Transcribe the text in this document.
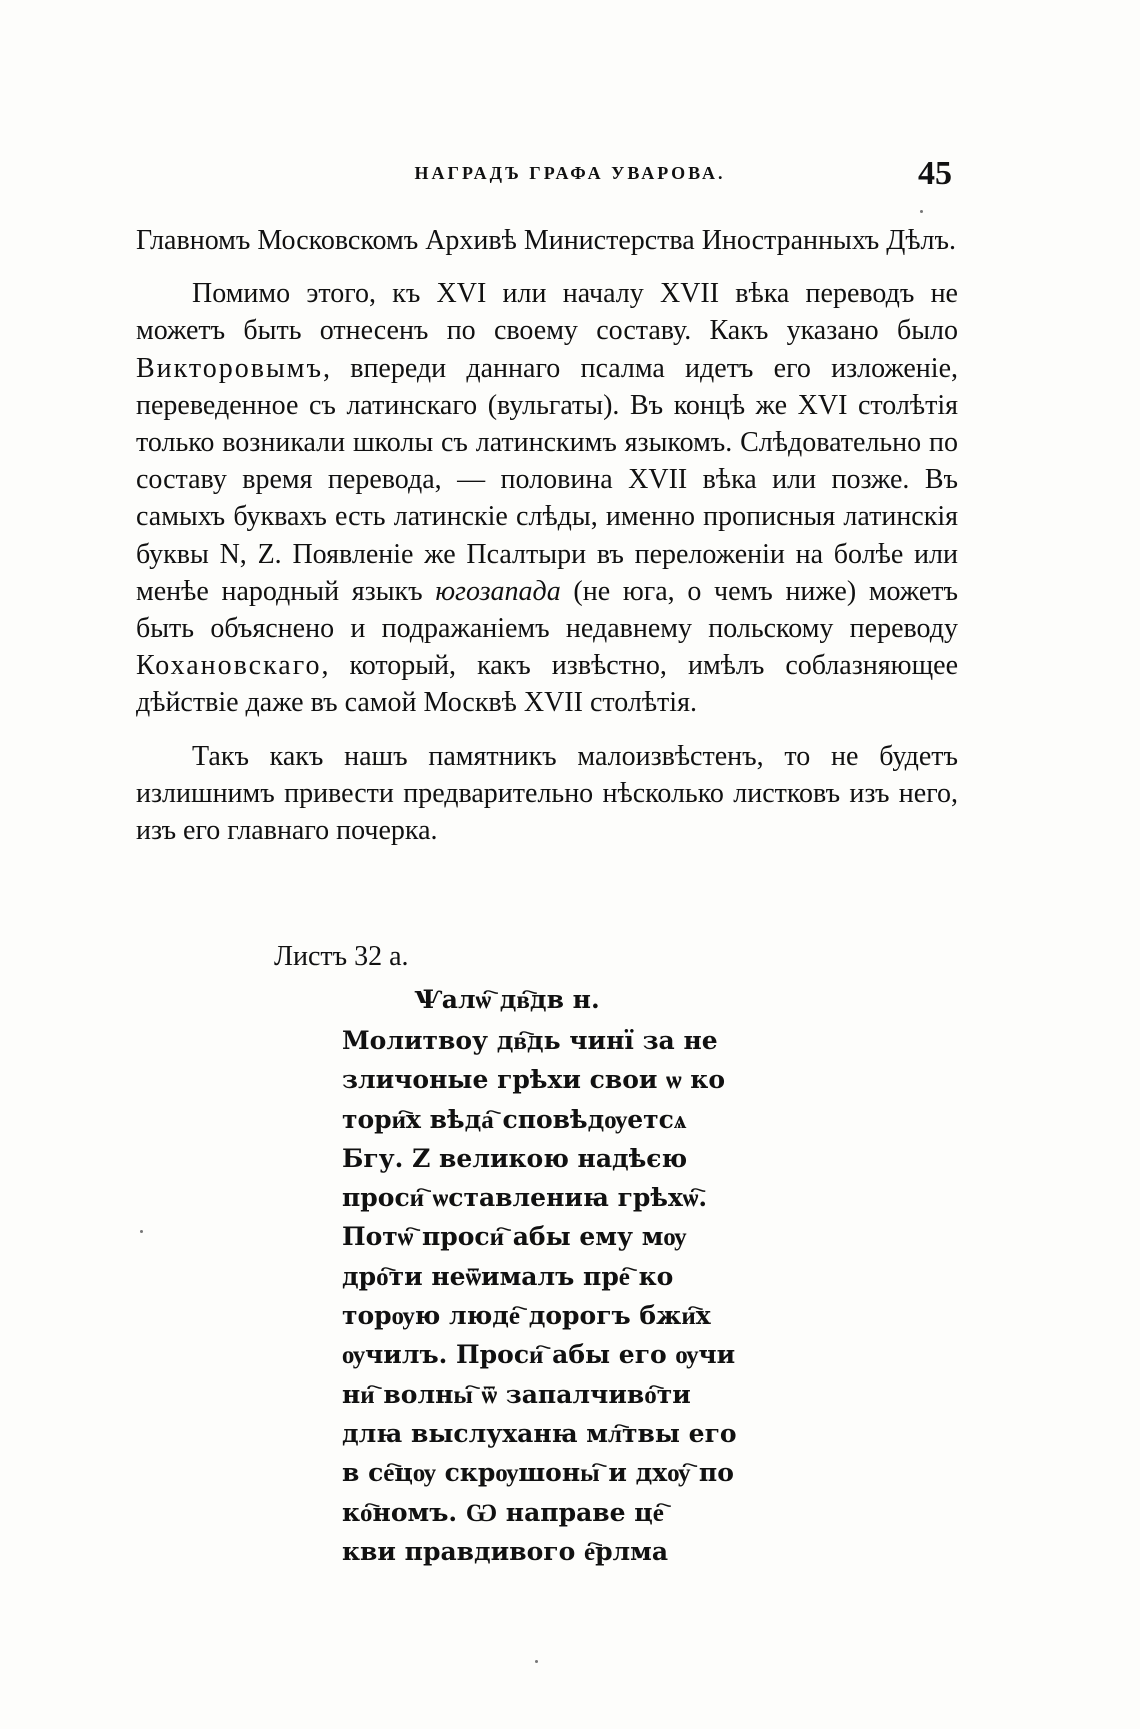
НАГРАДЪ ГРАФА УВАРОВА.	45

Главномъ Московскомъ Архивѣ Министерства Иностранныхъ Дѣлъ.

Помимо этого, къ XVI или началу XVII вѣка переводъ не можетъ быть отнесенъ по своему составу. Какъ указано было Викторовымъ, впереди даннаго псалма идетъ его изложеніе, переведенное съ латинскаго (вульгаты). Въ концѣ же XVI столѣтія только возникали школы съ латинскимъ языкомъ. Слѣдовательно по составу время перевода, — половина XVII вѣка или позже. Въ самыхъ буквахъ есть латинскіе слѣды, именно прописныя латинскія буквы N, Z. Появленіе же Псалтыри въ переложеніи на болѣе или менѣе народный языкъ югозапада (не юга, о чемъ ниже) можетъ быть объяснено и подражаніемъ недавнему польскому переводу Кохановскаго, который, какъ извѣстно, имѣлъ соблазняющее дѣйствіе даже въ самой Москвѣ XVII столѣтія.

Такъ какъ нашъ памятникъ малоизвѣстенъ, то не будетъ излишнимъ привести предварительно нѣсколько листковъ изъ него, изъ его главнаго почерка.

Листъ 32 а.
Ѱалѡ҇ дв҇дв н.
Молитвоу дв҇дь чинї за не
зличоные грѣхи свои ѡ ко
тори҇х вѣда҇ сповѣдѹетсѧ
Бгу. Z великою надѣєю
проси҇ ѡставлениꙗ грѣхѡ҇.
Потѡ҇ проси҇ абы ему мѹ
дро҇ти неѿималъ пре҇ ко
торѹю люде҇ дорогъ бжи҇х
ѹчилъ. Проси҇ абы его ѹчи
ни҇ волны҇ ѿ запалчиво҇ти
длꙗ выслуханꙗ мл҇твы его
в се҇цѹ скрѹшоны҇ и дхѹ҇ по
ко҇номъ. Ѡ направе це҇
кви правдивого е҇рлма
